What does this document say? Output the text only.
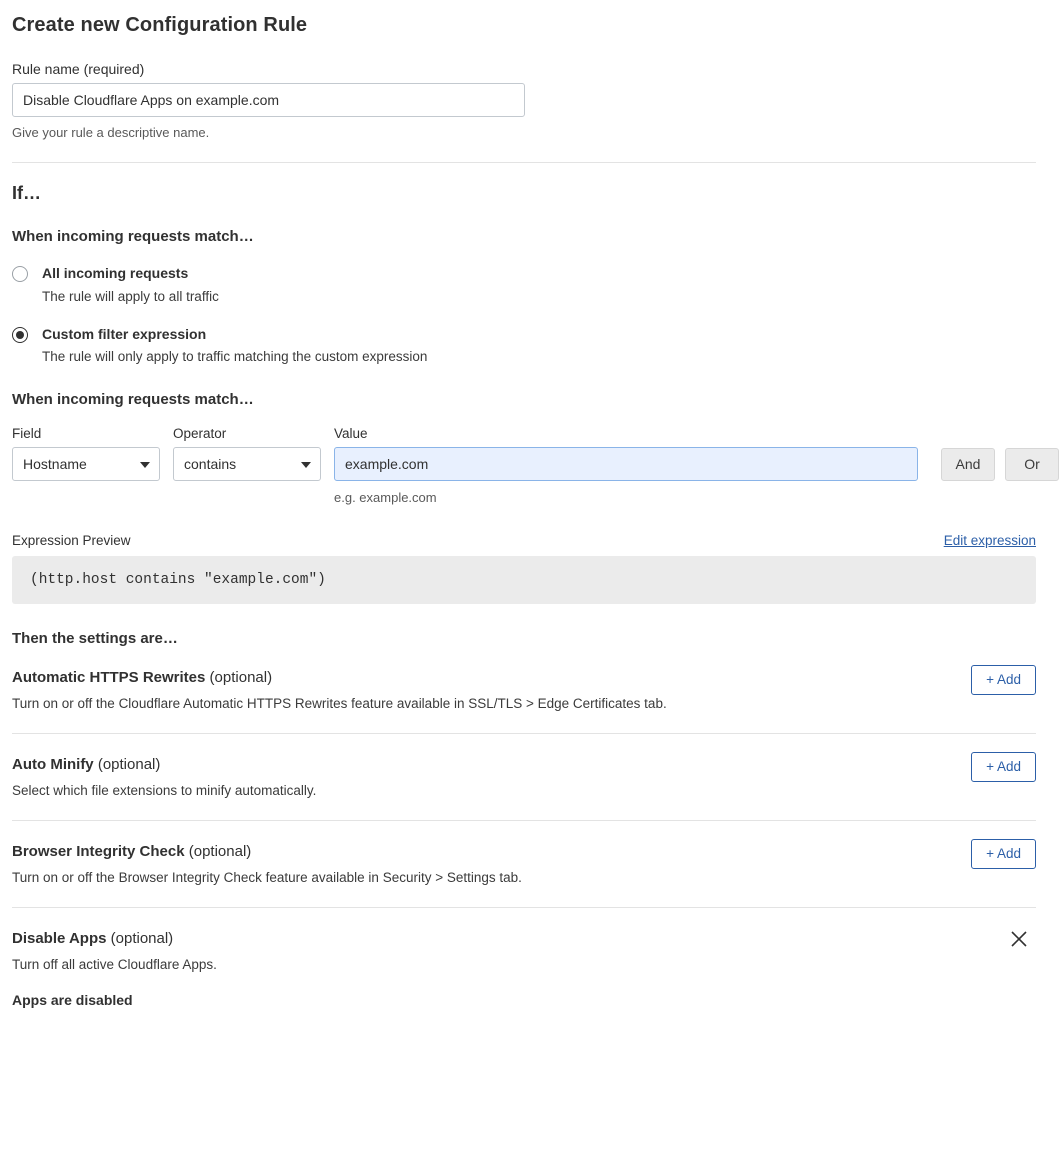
Create new Configuration Rule
Rule name (required)
Disable Cloudflare Apps on example.com
Give your rule a descriptive name.
If…
When incoming requests match…
All incoming requests
The rule will apply to all traffic
Custom filter expression
The rule will only apply to traffic matching the custom expression
When incoming requests match…
Field
Hostname
Operator
contains
Value
example.com
e.g. example.com
And	Or
Expression Preview	Edit expression
(http.host contains "example.com")
Then the settings are…
Automatic HTTPS Rewrites (optional)
Turn on or off the Cloudflare Automatic HTTPS Rewrites feature available in SSL/TLS > Edge Certificates tab.
+ Add
Auto Minify (optional)
Select which file extensions to minify automatically.
+ Add
Browser Integrity Check (optional)
Turn on or off the Browser Integrity Check feature available in Security > Settings tab.
+ Add
Disable Apps (optional)
Turn off all active Cloudflare Apps.
Apps are disabled
